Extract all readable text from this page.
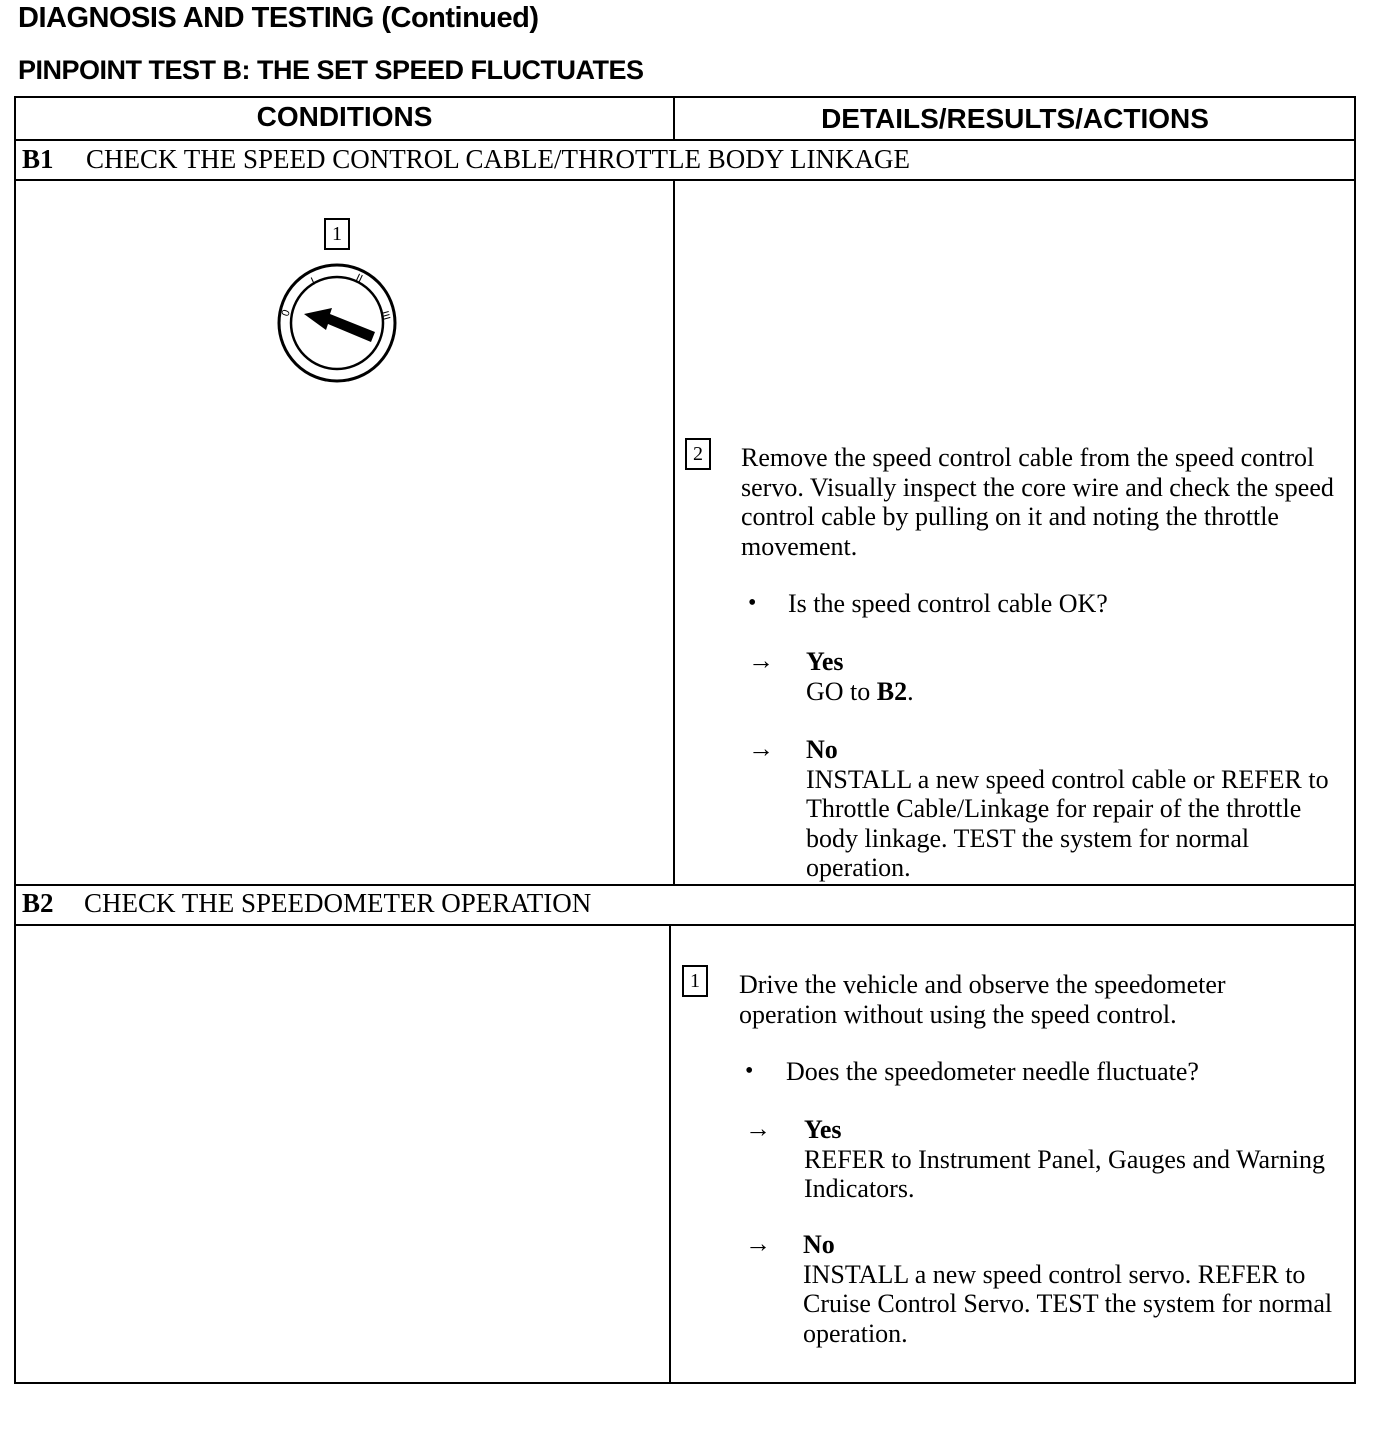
DIAGNOSIS AND TESTING (Continued)
PINPOINT TEST B: THE SET SPEED FLUCTUATES
CONDITIONS	DETAILS/RESULTS/ACTIONS
B1 CHECK THE SPEED CONTROL CABLE/THROTTLE BODY LINKAGE
1
0
I	II
III
2	Remove the speed control cable from the speed control servo. Visually inspect the core wire and check the speed control cable by pulling on it and noting the throttle movement.
• Is the speed control cable OK?
→ Yes
GO to B2.
→ No
INSTALL a new speed control cable or REFER to Throttle Cable/Linkage for repair of the throttle body linkage. TEST the system for normal operation.
B2 CHECK THE SPEEDOMETER OPERATION
1	Drive the vehicle and observe the speedometer operation without using the speed control.
• Does the speedometer needle fluctuate?
→ Yes
REFER to Instrument Panel, Gauges and Warning Indicators.
→ No
INSTALL a new speed control servo. REFER to Cruise Control Servo. TEST the system for normal operation.
